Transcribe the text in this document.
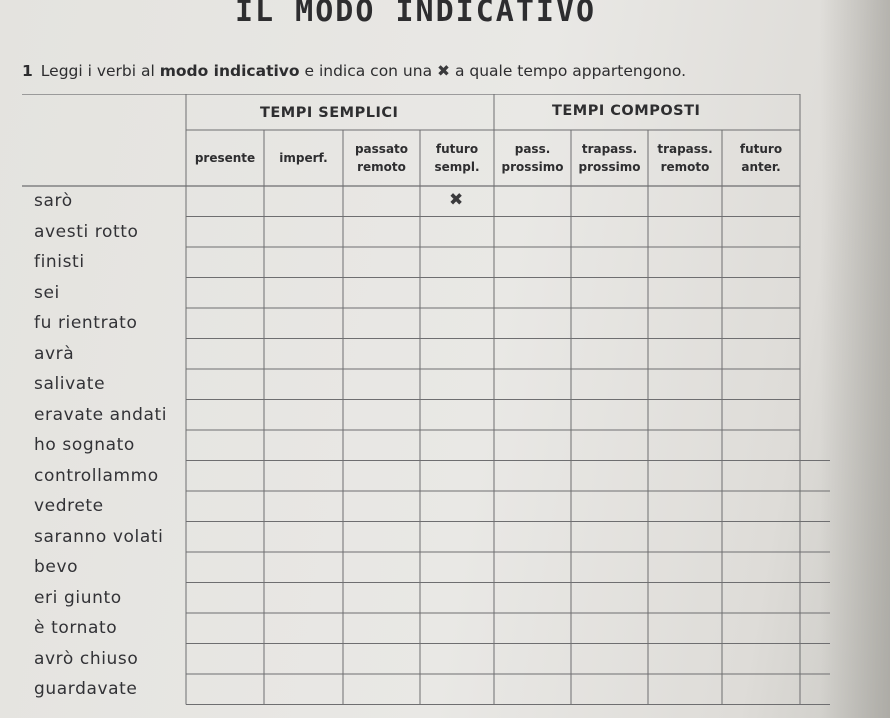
IL MODO INDICATIVO
1 Leggi i verbi al modo indicativo e indica con una ✖ a quale tempo appartengono.
TEMPI SEMPLICI	TEMPI COMPOSTI
presente	imperf.
passato
remoto
futuro
sempl.
pass.
prossimo
trapass.
prossimo
trapass.
remoto
futuro
anter.
sarò
avesti rotto
finisti
sei
fu rientrato
avrà
salivate
eravate andati
ho sognato
controllammo
vedrete
saranno volati
bevo
eri giunto
è tornato
avrò chiuso
guardavate
✖
